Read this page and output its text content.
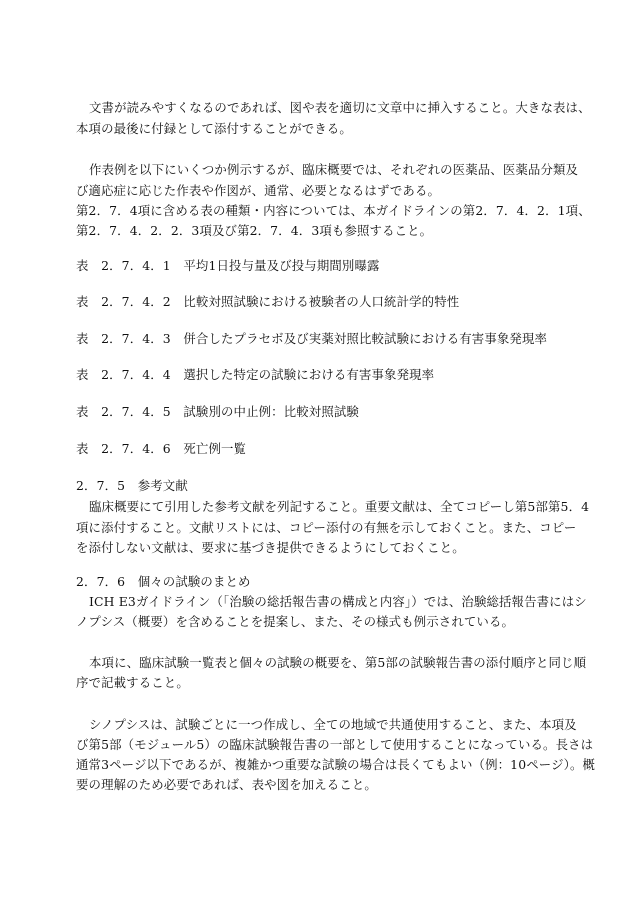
文書が読みやすくなるのであれば、図や表を適切に文章中に挿入すること。大きな表は、
本項の最後に付録として添付することができる。
作表例を以下にいくつか例示するが、臨床概要では、それぞれの医薬品、医薬品分類及
び適応症に応じた作表や作図が、通常、必要となるはずである。
第2．7．4項に含める表の種類・内容については、本ガイドラインの第2．7．4．2．1項、
第2．7．4．2．2．3項及び第2．7．4．3項も参照すること。
表　2．7．4．1　平均1日投与量及び投与期間別曝露
表　2．7．4．2　比較対照試験における被験者の人口統計学的特性
表　2．7．4．3　併合したプラセボ及び実薬対照比較試験における有害事象発現率
表　2．7．4．4　選択した特定の試験における有害事象発現率
表　2．7．4．5　試験別の中止例：比較対照試験
表　2．7．4．6　死亡例一覧
2．7．5　参考文献
臨床概要にて引用した参考文献を列記すること。重要文献は、全てコピーし第5部第5．4
項に添付すること。文献リストには、コピー添付の有無を示しておくこと。また、コピー
を添付しない文献は、要求に基づき提供できるようにしておくこと。
2．7．6　個々の試験のまとめ
ICH E3ガイドライン（「治験の総括報告書の構成と内容」）では、治験総括報告書にはシ
ノプシス（概要）を含めることを提案し、また、その様式も例示されている。
本項に、臨床試験一覧表と個々の試験の概要を、第5部の試験報告書の添付順序と同じ順
序で記載すること。
シノプシスは、試験ごとに一つ作成し、全ての地域で共通使用すること、また、本項及
び第5部（モジュール5）の臨床試験報告書の一部として使用することになっている。長さは
通常3ページ以下であるが、複雑かつ重要な試験の場合は長くてもよい（例：10ページ）。概
要の理解のため必要であれば、表や図を加えること。
